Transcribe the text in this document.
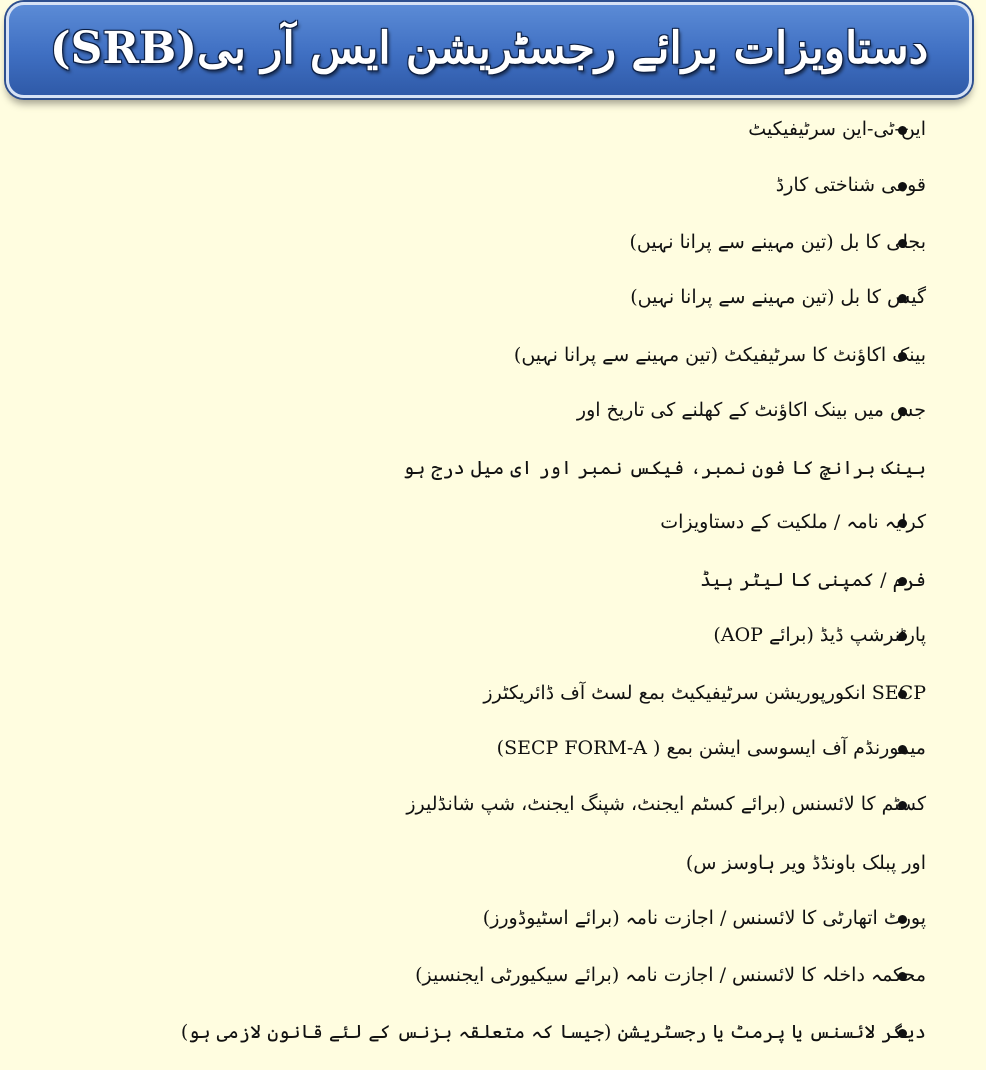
دستاویزات برائے رجسٹریشن ایس آر بی(SRB)
این-ٹی-این سرٹیفیکیٹ
قومی شناختی کارڈ
بجلی کا بل (تین مہینے سے پرانا نہیں)
گیس کا بل (تین مہینے سے پرانا نہیں)
بینک اکاؤنٹ کا سرٹیفیکٹ (تین مہینے سے پرانا نہیں)
جس میں بینک اکاؤنٹ کے کھلنے کی تاریخ اور
بینک برانچ کا فون نمبر، فیکس نمبر اور ای میل درج ہو
کرایہ نامہ / ملکیت کے دستاویزات
فرم / کمپنی کا لیٹر ہیڈ
پارٹنرشپ ڈیڈ (برائے AOP)
SECP انکورپوریشن سرٹیفیکیٹ بمع لسٹ آف ڈائریکٹرز
میمورنڈم آف ایسوسی ایشن بمع ( SECP FORM-A)
کسٹم کا لائسنس (برائے کسٹم ایجنٹ، شپنگ ایجنٹ، شپ شانڈلیرز
اور پبلک باونڈڈ ویر ہاوسز س)
پورٹ اتھارٹی کا لائسنس / اجازت نامہ (برائے اسٹیوڈورز)
محکمہ داخلہ کا لائسنس / اجازت نامہ (برائے سیکیورٹی ایجنسیز)
دیگر لائسنس یا پرمٹ یا رجسٹریشن (جیسا کہ متعلقہ بزنس کے لئے قانون لازمی ہو)
